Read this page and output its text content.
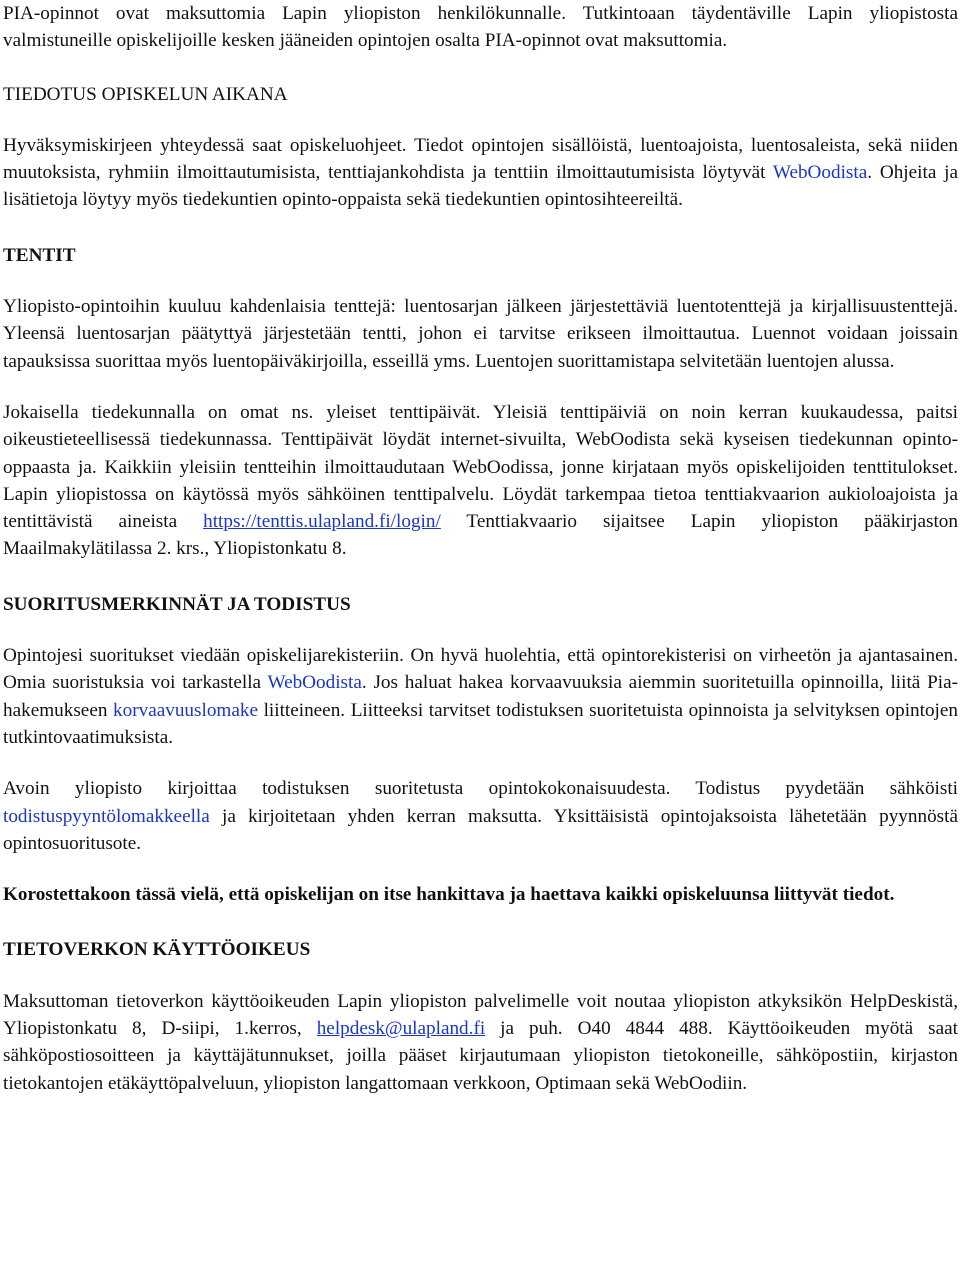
PIA-opinnot ovat maksuttomia Lapin yliopiston henkilökunnalle. Tutkintoaan täydentäville Lapin yliopistosta valmistuneille opiskelijoille kesken jääneiden opintojen osalta PIA-opinnot ovat maksuttomia.

TIEDOTUS OPISKELUN AIKANA

Hyväksymiskirjeen yhteydessä saat opiskeluohjeet. Tiedot opintojen sisällöistä, luentoajoista, luentosaleista, sekä niiden muutoksista, ryhmiin ilmoittautumisista, tenttiajankohdista ja tenttiin ilmoittautumisista löytyvät WebOodista. Ohjeita ja lisätietoja löytyy myös tiedekuntien opinto-oppaista sekä tiedekuntien opintosihteereiltä.

TENTIT

Yliopisto-opintoihin kuuluu kahdenlaisia tenttejä: luentosarjan jälkeen järjestettäviä luentotenttejä ja kirjallisuustenttejä. Yleensä luentosarjan päätyttyä järjestetään tentti, johon ei tarvitse erikseen ilmoittautua. Luennot voidaan joissain tapauksissa suorittaa myös luentopäiväkirjoilla, esseillä yms. Luentojen suorittamistapa selvitetään luentojen alussa.

Jokaisella tiedekunnalla on omat ns. yleiset tenttipäivät. Yleisiä tenttipäiviä on noin kerran kuukaudessa, paitsi oikeustieteellisessä tiedekunnassa. Tenttipäivät löydät internet-sivuilta, WebOodista sekä kyseisen tiedekunnan opinto-oppaasta ja. Kaikkiin yleisiin tentteihin ilmoittaudutaan WebOodissa, jonne kirjataan myös opiskelijoiden tenttitulokset. Lapin yliopistossa on käytössä myös sähköinen tenttipalvelu. Löydät tarkempaa tietoa tenttiakvaarion aukioloajoista ja tentittävistä aineista https://tenttis.ulapland.fi/login/ Tenttiakvaario sijaitsee Lapin yliopiston pääkirjaston Maailmakylätilassa 2. krs., Yliopistonkatu 8.

SUORITUSMERKINNÄT JA TODISTUS

Opintojesi suoritukset viedään opiskelijarekisteriin. On hyvä huolehtia, että opintorekisterisi on virheetön ja ajantasainen. Omia suoristuksia voi tarkastella WebOodista. Jos haluat hakea korvaavuuksia aiemmin suoritetuilla opinnoilla, liitä Pia-hakemukseen korvaavuuslomake liitteineen. Liitteeksi tarvitset todistuksen suoritetuista opinnoista ja selvityksen opintojen tutkintovaatimuksista.

Avoin yliopisto kirjoittaa todistuksen suoritetusta opintokokonaisuudesta. Todistus pyydetään sähköisti todistuspyyntölomakkeella ja kirjoitetaan yhden kerran maksutta. Yksittäisistä opintojaksoista lähetetään pyynnöstä opintosuoritusote.

Korostettakoon tässä vielä, että opiskelijan on itse hankittava ja haettava kaikki opiskeluunsa liittyvät tiedot.

TIETOVERKON KÄYTTÖOIKEUS

Maksuttoman tietoverkon käyttöoikeuden Lapin yliopiston palvelimelle voit noutaa yliopiston atkyksikön HelpDeskistä, Yliopistonkatu 8, D-siipi, 1.kerros, helpdesk@ulapland.fi ja puh. O40 4844 488. Käyttöoikeuden myötä saat sähköpostiosoitteen ja käyttäjätunnukset, joilla pääset kirjautumaan yliopiston tietokoneille, sähköpostiin, kirjaston tietokantojen etäkäyttöpalveluun, yliopiston langattomaan verkkoon, Optimaan sekä WebOodiin.
